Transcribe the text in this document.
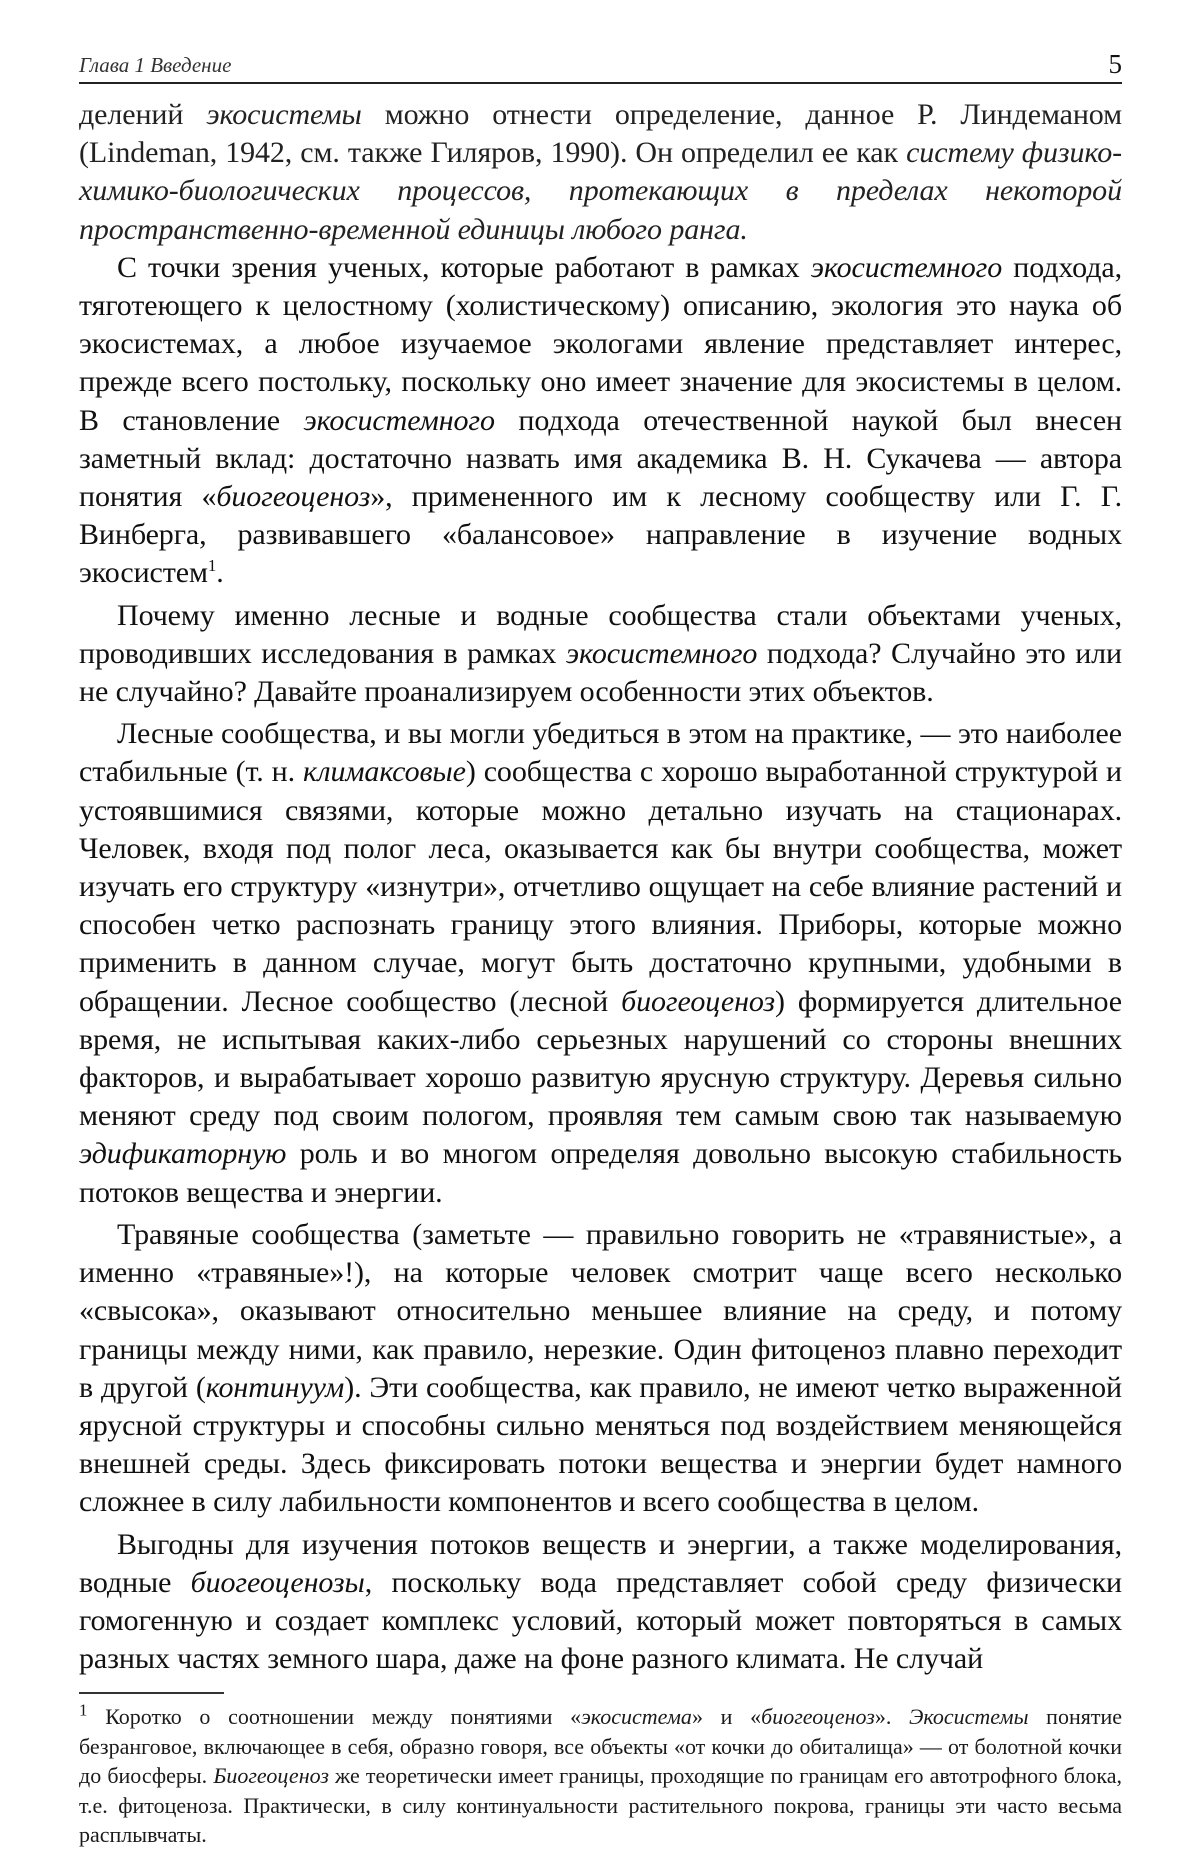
Глава 1 Введение	5

делений экосистемы можно отнести определение, данное Р. Линдеманом (Lindeman, 1942, см. также Гиляров, 1990). Он определил ее как систему физико-химико-биологических процессов, протекающих в пределах некоторой пространственно-временной единицы любого ранга.

С точки зрения ученых, которые работают в рамках экосистемного подхода, тяготеющего к целостному (холистическому) описанию, экология это наука об экосистемах, а любое изучаемое экологами явление представляет интерес, прежде всего постольку, поскольку оно имеет значение для экосистемы в целом. В становление экосистемного подхода отечественной наукой был внесен заметный вклад: достаточно назвать имя академика В. Н. Сукачева — автора понятия «биогеоценоз», примененного им к лесному сообществу или Г. Г. Винберга, развивавшего «балансовое» направление в изучение водных экосистем1.

Почему именно лесные и водные сообщества стали объектами ученых, проводивших исследования в рамках экосистемного подхода? Случайно это или не случайно? Давайте проанализируем особенности этих объектов.

Лесные сообщества, и вы могли убедиться в этом на практике, — это наиболее стабильные (т. н. климаксовые) сообщества с хорошо выработанной структурой и устоявшимися связями, которые можно детально изучать на стационарах. Человек, входя под полог леса, оказывается как бы внутри сообщества, может изучать его структуру «изнутри», отчетливо ощущает на себе влияние растений и способен четко распознать границу этого влияния. Приборы, которые можно применить в данном случае, могут быть достаточно крупными, удобными в обращении. Лесное сообщество (лесной биогеоценоз) формируется длительное время, не испытывая каких-либо серьезных нарушений со стороны внешних факторов, и вырабатывает хорошо развитую ярусную структуру. Деревья сильно меняют среду под своим пологом, проявляя тем самым свою так называемую эдификаторную роль и во многом определяя довольно высокую стабильность потоков вещества и энергии.

Травяные сообщества (заметьте — правильно говорить не «травянистые», а именно «травяные»!), на которые человек смотрит чаще всего несколько «свысока», оказывают относительно меньшее влияние на среду, и потому границы между ними, как правило, нерезкие. Один фитоценоз плавно переходит в другой (континуум). Эти сообщества, как правило, не имеют четко выраженной ярусной структуры и способны сильно меняться под воздействием меняющейся внешней среды. Здесь фиксировать потоки вещества и энергии будет намного сложнее в силу лабильности компонентов и всего сообщества в целом.

Выгодны для изучения потоков веществ и энергии, а также моделирования, водные биогеоценозы, поскольку вода представляет собой среду физически гомогенную и создает комплекс условий, который может повторяться в самых разных частях земного шара, даже на фоне разного климата. Не случай

1 Коротко о соотношении между понятиями «экосистема» и «биогеоценоз». Экосистемы понятие безранговое, включающее в себя, образно говоря, все объекты «от кочки до обиталища» — от болотной кочки до биосферы. Биогеоценоз же теоретически имеет границы, проходящие по границам его автотрофного блока, т.е. фитоценоза. Практически, в силу континуальности растительного покрова, границы эти часто весьма расплывчаты.
